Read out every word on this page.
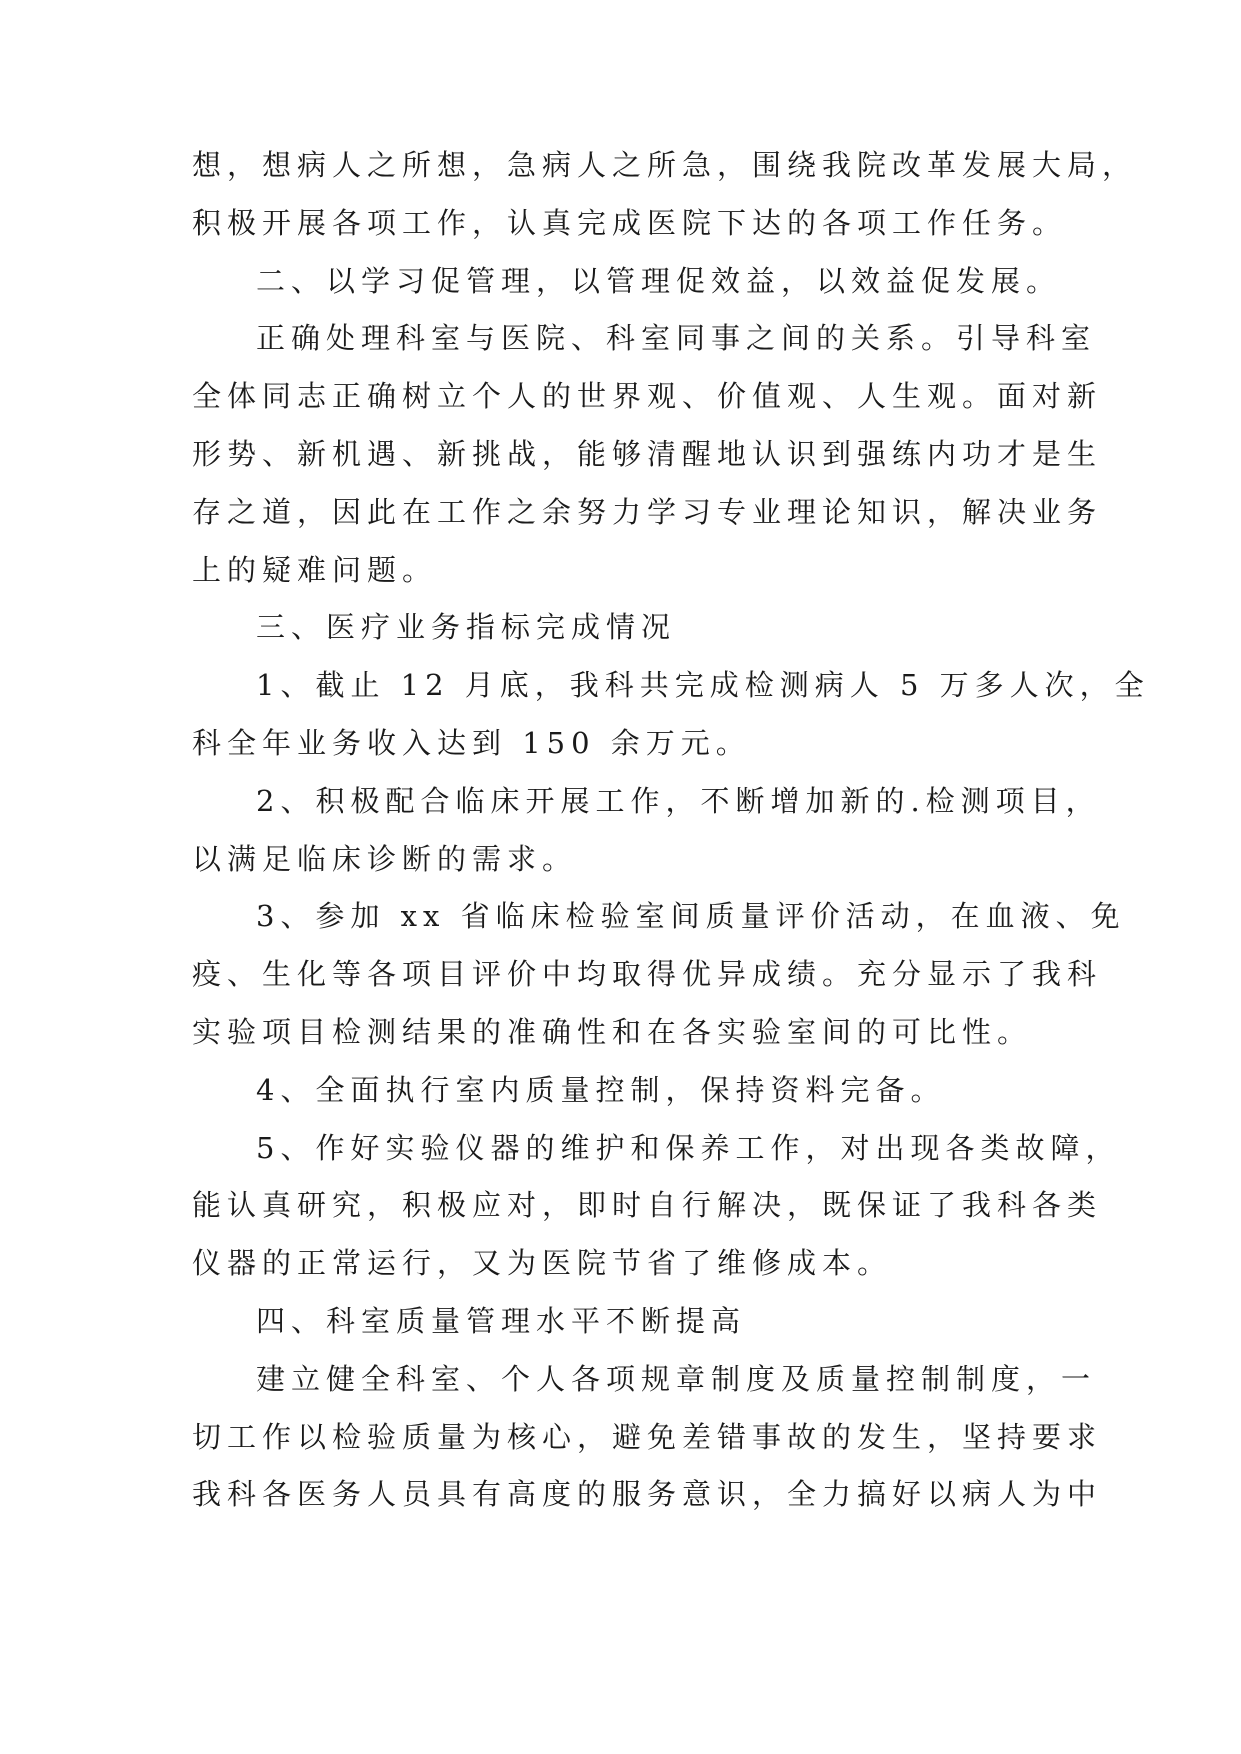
想，想病人之所想，急病人之所急，围绕我院改革发展大局，
积极开展各项工作，认真完成医院下达的各项工作任务。
二、以学习促管理，以管理促效益，以效益促发展。
正确处理科室与医院、科室同事之间的关系。引导科室
全体同志正确树立个人的世界观、价值观、人生观。面对新
形势、新机遇、新挑战，能够清醒地认识到强练内功才是生
存之道，因此在工作之余努力学习专业理论知识，解决业务
上的疑难问题。
三、医疗业务指标完成情况
1、截止 12 月底，我科共完成检测病人 5 万多人次，全
科全年业务收入达到 150 余万元。
2、积极配合临床开展工作，不断增加新的.检测项目，
以满足临床诊断的需求。
3、参加 xx 省临床检验室间质量评价活动，在血液、免
疫、生化等各项目评价中均取得优异成绩。充分显示了我科
实验项目检测结果的准确性和在各实验室间的可比性。
4、全面执行室内质量控制，保持资料完备。
5、作好实验仪器的维护和保养工作，对出现各类故障，
能认真研究，积极应对，即时自行解决，既保证了我科各类
仪器的正常运行，又为医院节省了维修成本。
四、科室质量管理水平不断提高
建立健全科室、个人各项规章制度及质量控制制度，一
切工作以检验质量为核心，避免差错事故的发生，坚持要求
我科各医务人员具有高度的服务意识，全力搞好以病人为中
